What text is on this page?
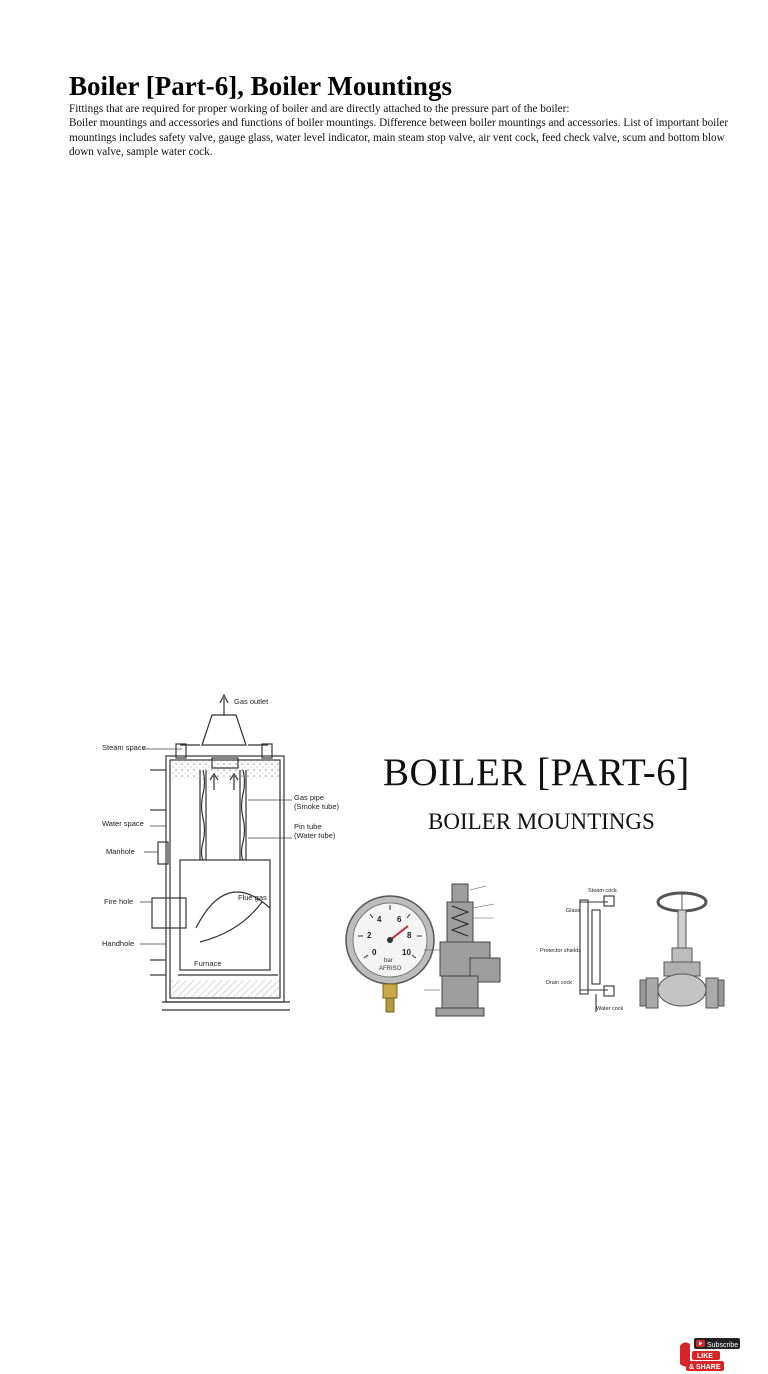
Boiler [Part-6], Boiler Mountings

Fittings that are required for proper working of boiler and are directly attached to the pressure part of the boiler:

Boiler mountings and accessories and functions of boiler mountings. Difference between boiler mountings and accessories. List of important boiler mountings includes safety valve, gauge glass, water level indicator, main steam stop valve, air vent cock, feed check valve, scum and bottom blow down valve, sample water cock.

Gas outlet
Steam space
Gas pipe
(Smoke tube)
Pin tube
(Water tube)
Water space
Manhole
Fire hole	Flue gas
Handhole
Furnace
0
2
4 6
8
10
bar
AFRISO
Steam cock
Glass
Protector shields
Drain cock
Water cock
Subscribe
LIKE
& SHARE
BOILER [PART-6]
BOILER MOUNTINGS
